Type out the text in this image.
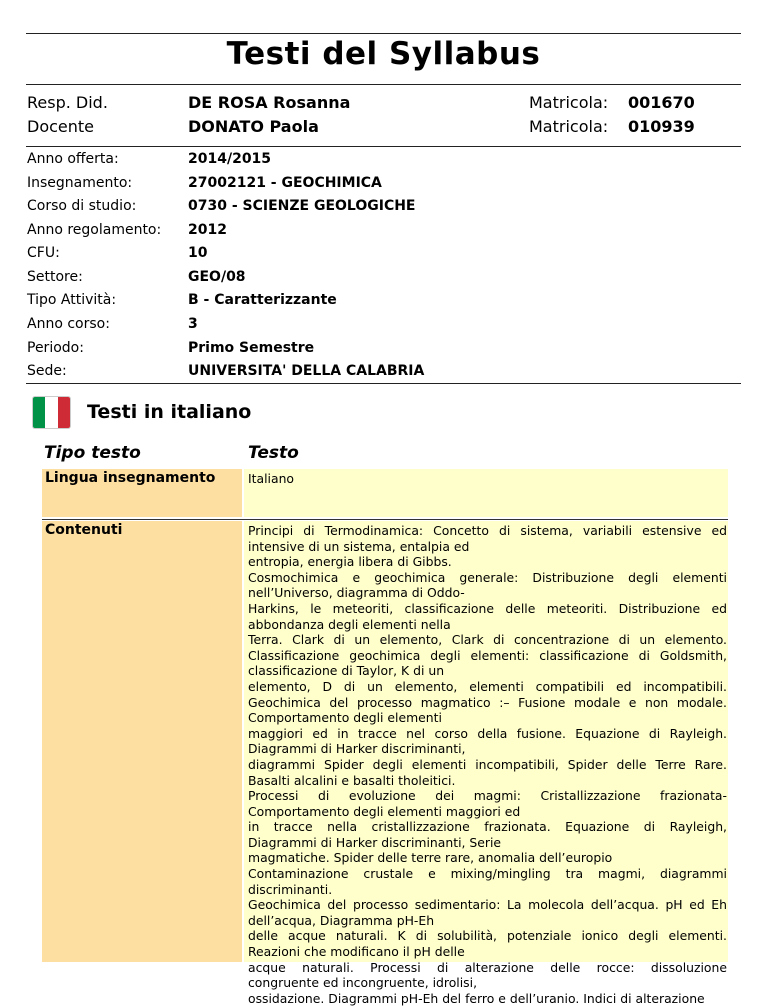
Testi del Syllabus
Resp. Did.	DE ROSA Rosanna	Matricola: 001670
Docente	DONATO Paola	Matricola: 010939
Anno offerta:	2014/2015
Insegnamento:	27002121 - GEOCHIMICA
Corso di studio:	0730 - SCIENZE GEOLOGICHE
Anno regolamento: 2012
CFU:	10
Settore:	GEO/08
Tipo Attività:	B - Caratterizzante
Anno corso:	3
Periodo:	Primo Semestre
Sede:	UNIVERSITA' DELLA CALABRIA
Testi in italiano
Tipo testo	Testo
Lingua insegnamento	Italiano
Contenuti	Principi di Termodinamica: Concetto di sistema, variabili estensive ed
intensive di un sistema, entalpia ed
entropia, energia libera di Gibbs.
Cosmochimica e geochimica generale: Distribuzione degli elementi
nell’Universo, diagramma di Oddo-
Harkins, le meteoriti, classificazione delle meteoriti. Distribuzione ed
abbondanza degli elementi nella
Terra. Clark di un elemento, Clark di concentrazione di un elemento.
Classificazione geochimica degli elementi: classificazione di Goldsmith,
classificazione di Taylor, K di un
elemento, D di un elemento, elementi compatibili ed incompatibili.
Geochimica del processo magmatico :– Fusione modale e non modale.
Comportamento degli elementi
maggiori ed in tracce nel corso della fusione. Equazione di Rayleigh.
Diagrammi di Harker discriminanti,
diagrammi Spider degli elementi incompatibili, Spider delle Terre Rare.
Basalti alcalini e basalti tholeitici.
Processi di evoluzione dei magmi: Cristallizzazione frazionata-
Comportamento degli elementi maggiori ed
in tracce nella cristallizzazione frazionata. Equazione di Rayleigh,
Diagrammi di Harker discriminanti, Serie
magmatiche. Spider delle terre rare, anomalia dell’europio
Contaminazione crustale e mixing/mingling tra magmi, diagrammi
discriminanti.
Geochimica del processo sedimentario: La molecola dell’acqua. pH ed Eh
dell’acqua, Diagramma pH-Eh
delle acque naturali. K di solubilità, potenziale ionico degli elementi.
Reazioni che modificano il pH delle
acque naturali. Processi di alterazione delle rocce: dissoluzione
congruente ed incongruente, idrolisi,
ossidazione. Diagrammi pH-Eh del ferro e dell’uranio. Indici di alterazione
